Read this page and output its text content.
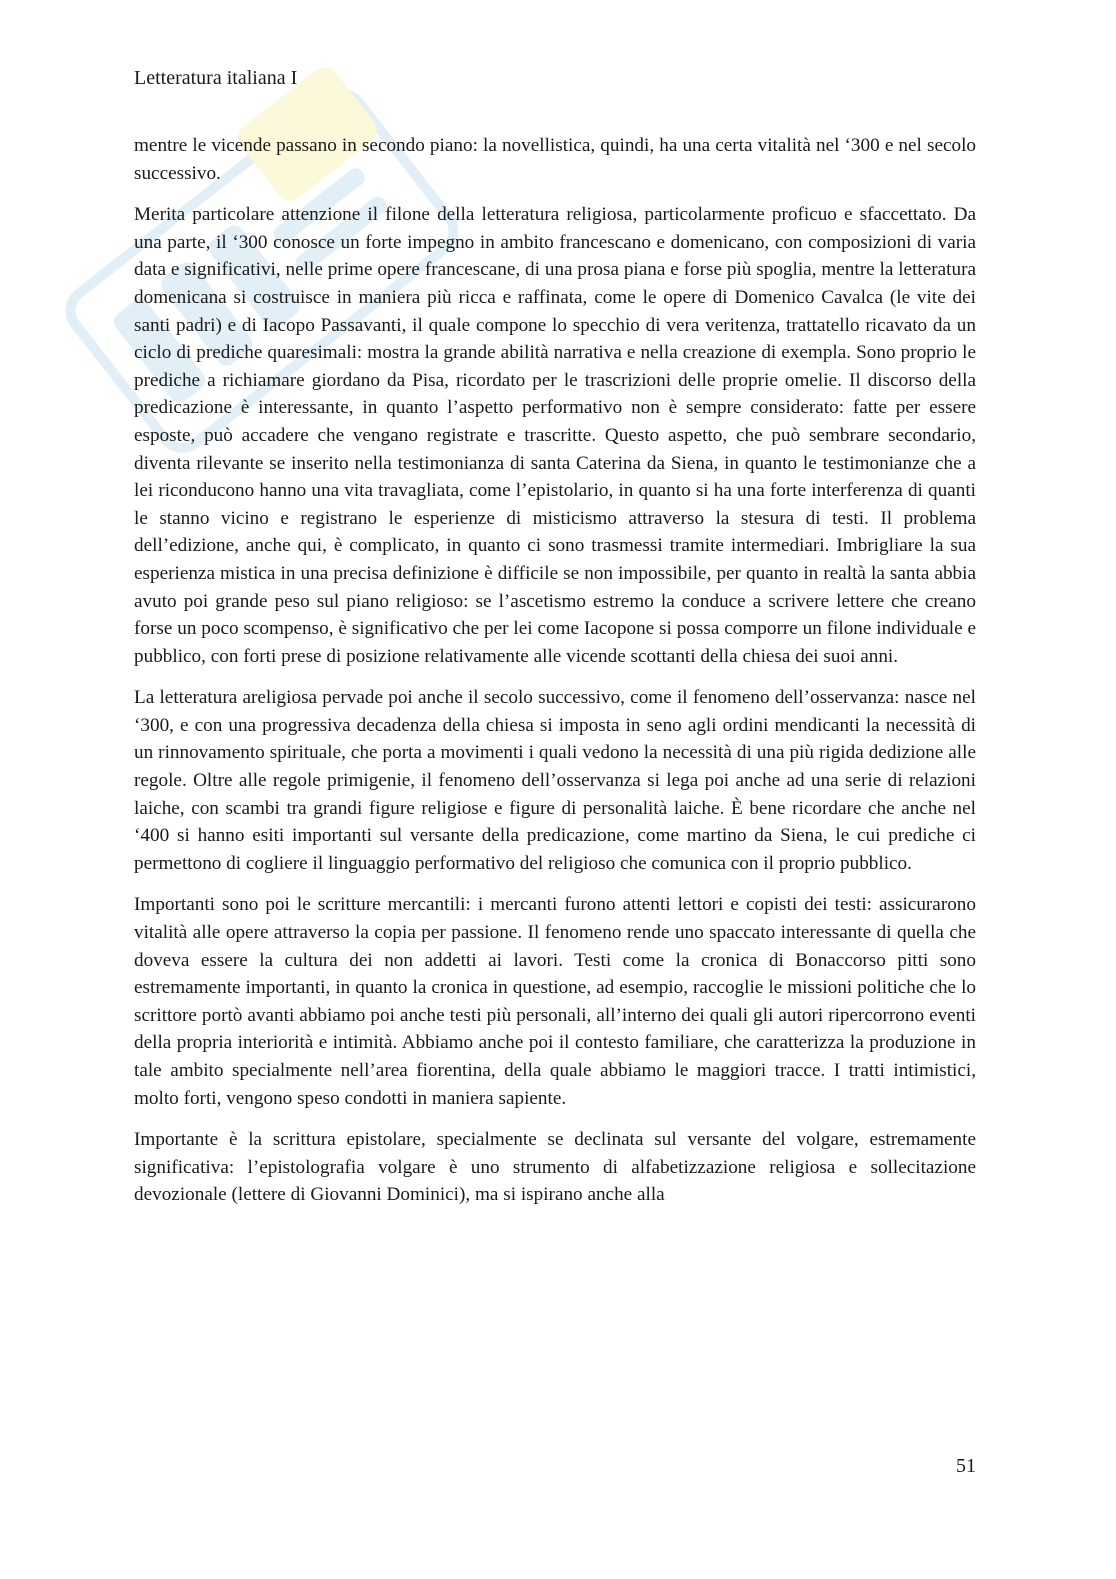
Letteratura italiana I

mentre le vicende passano in secondo piano: la novellistica, quindi, ha una certa vitalità nel ‘300 e nel secolo successivo.

Merita particolare attenzione il filone della letteratura religiosa, particolarmente proficuo e sfaccettato. Da una parte, il ‘300 conosce un forte impegno in ambito francescano e domenicano, con composizioni di varia data e significativi, nelle prime opere francescane, di una prosa piana e forse più spoglia, mentre la letteratura domenicana si costruisce in maniera più ricca e raffinata, come le opere di Domenico Cavalca (le vite dei santi padri) e di Iacopo Passavanti, il quale compone lo specchio di vera veritenza, trattatello ricavato da un ciclo di prediche quaresimali: mostra la grande abilità narrativa e nella creazione di exempla. Sono proprio le prediche a richiamare giordano da Pisa, ricordato per le trascrizioni delle proprie omelie. Il discorso della predicazione è interessante, in quanto l’aspetto performativo non è sempre considerato: fatte per essere esposte, può accadere che vengano registrate e trascritte. Questo aspetto, che può sembrare secondario, diventa rilevante se inserito nella testimonianza di santa Caterina da Siena, in quanto le testimonianze che a lei riconducono hanno una vita travagliata, come l’epistolario, in quanto si ha una forte interferenza di quanti le stanno vicino e registrano le esperienze di misticismo attraverso la stesura di testi. Il problema dell’edizione, anche qui, è complicato, in quanto ci sono trasmessi tramite intermediari. Imbrigliare la sua esperienza mistica in una precisa definizione è difficile se non impossibile, per quanto in realtà la santa abbia avuto poi grande peso sul piano religioso: se l’ascetismo estremo la conduce a scrivere lettere che creano forse un poco scompenso, è significativo che per lei come Iacopone si possa comporre un filone individuale e pubblico, con forti prese di posizione relativamente alle vicende scottanti della chiesa dei suoi anni.

La letteratura areligiosa pervade poi anche il secolo successivo, come il fenomeno dell’osservanza: nasce nel ‘300, e con una progressiva decadenza della chiesa si imposta in seno agli ordini mendicanti la necessità di un rinnovamento spirituale, che porta a movimenti i quali vedono la necessità di una più rigida dedizione alle regole. Oltre alle regole primigenie, il fenomeno dell’osservanza si lega poi anche ad una serie di relazioni laiche, con scambi tra grandi figure religiose e figure di personalità laiche. È bene ricordare che anche nel ‘400 si hanno esiti importanti sul versante della predicazione, come martino da Siena, le cui prediche ci permettono di cogliere il linguaggio performativo del religioso che comunica con il proprio pubblico.

Importanti sono poi le scritture mercantili: i mercanti furono attenti lettori e copisti dei testi: assicurarono vitalità alle opere attraverso la copia per passione. Il fenomeno rende uno spaccato interessante di quella che doveva essere la cultura dei non addetti ai lavori. Testi come la cronica di Bonaccorso pitti sono estremamente importanti, in quanto la cronica in questione, ad esempio, raccoglie le missioni politiche che lo scrittore portò avanti abbiamo poi anche testi più personali, all’interno dei quali gli autori ripercorrono eventi della propria interiorità e intimità. Abbiamo anche poi il contesto familiare, che caratterizza la produzione in tale ambito specialmente nell’area fiorentina, della quale abbiamo le maggiori tracce. I tratti intimistici, molto forti, vengono speso condotti in maniera sapiente.

Importante è la scrittura epistolare, specialmente se declinata sul versante del volgare, estremamente significativa: l’epistolografia volgare è uno strumento di alfabetizzazione religiosa e sollecitazione devozionale (lettere di Giovanni Dominici), ma si ispirano anche alla

51
